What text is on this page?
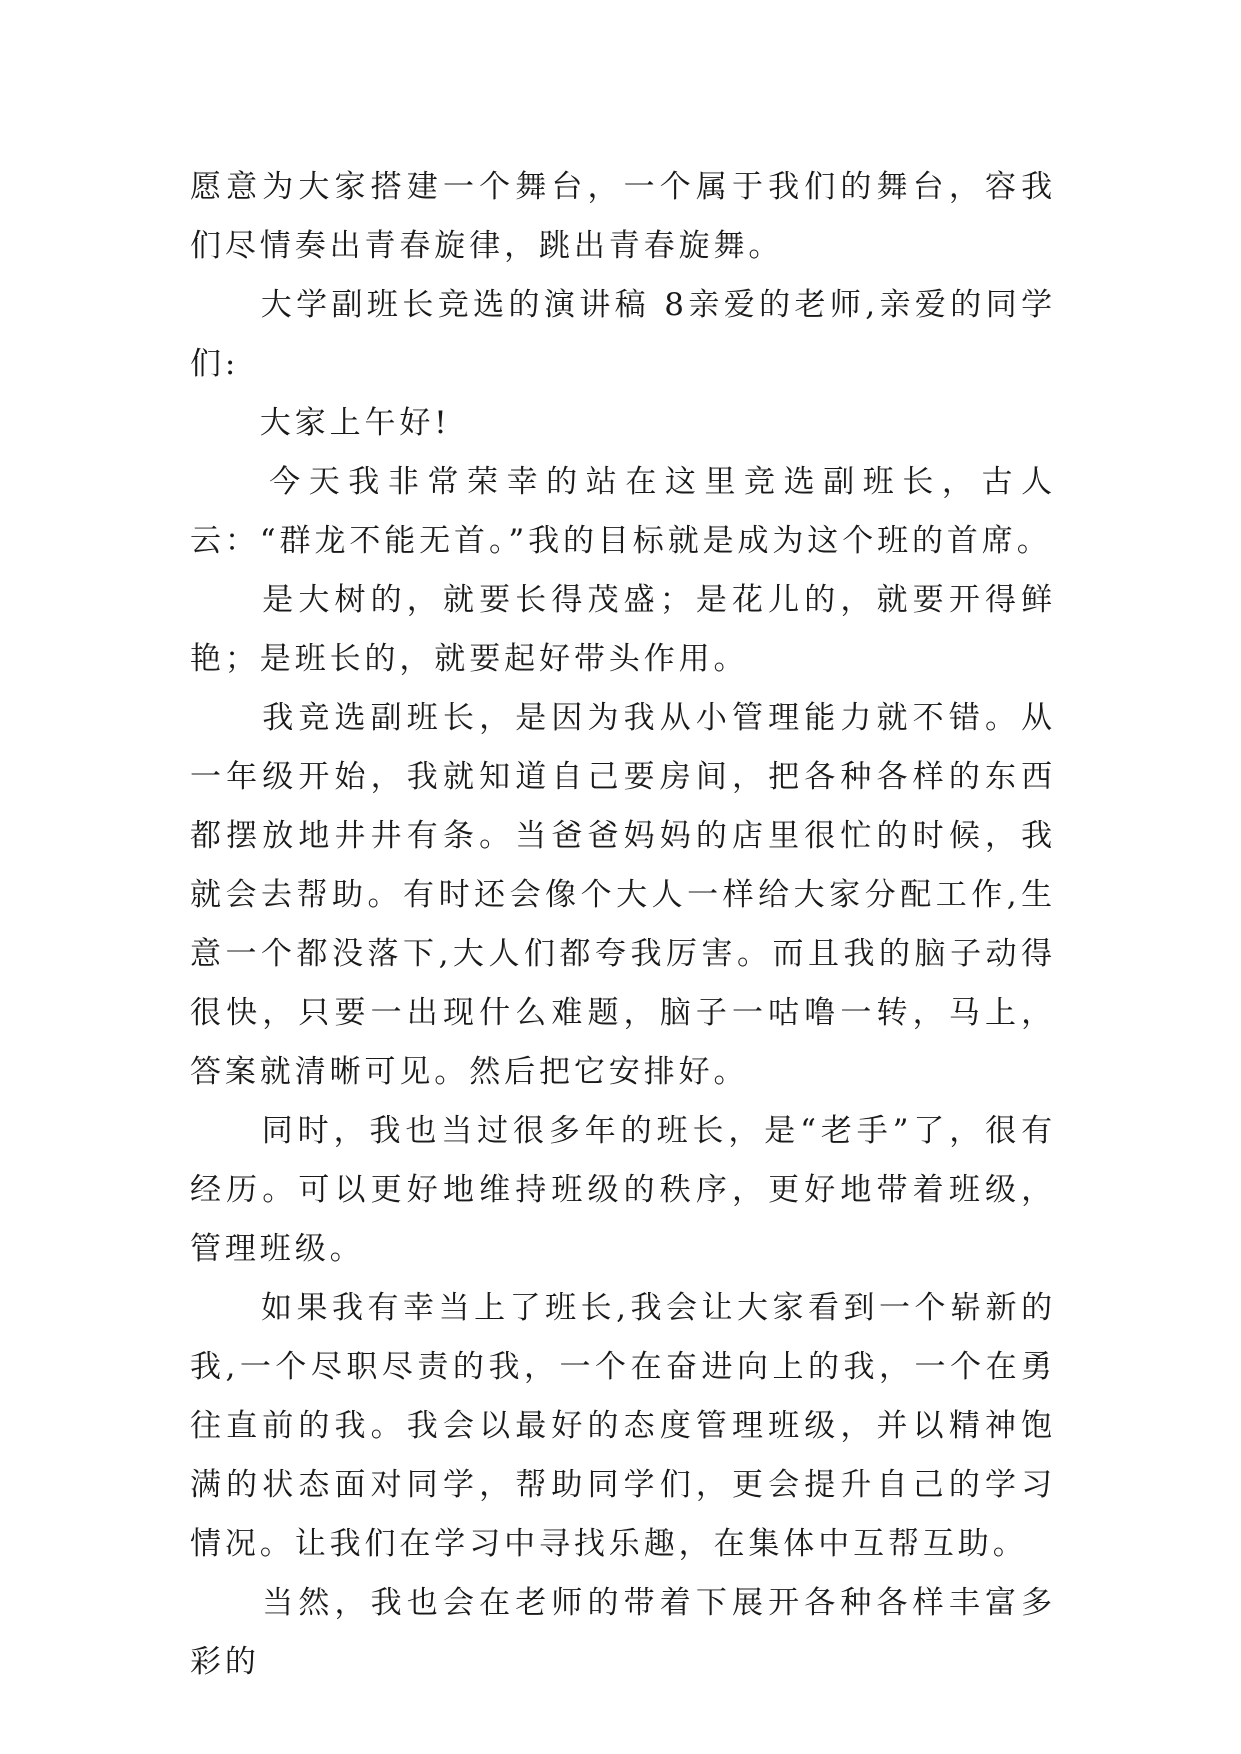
愿意为大家搭建一个舞台，一个属于我们的舞台，容我们尽情奏出青春旋律，跳出青春旋舞。

　　大学副班长竞选的演讲稿 8亲爱的老师,亲爱的同学们:

　　大家上午好!

　　今天我非常荣幸的站在这里竞选副班长，古人云：“群龙不能无首。”我的目标就是成为这个班的首席。

　　是大树的，就要长得茂盛；是花儿的，就要开得鲜艳；是班长的，就要起好带头作用。

　　我竞选副班长，是因为我从小管理能力就不错。从一年级开始，我就知道自己要房间，把各种各样的东西都摆放地井井有条。当爸爸妈妈的店里很忙的时候，我就会去帮助。有时还会像个大人一样给大家分配工作,生意一个都没落下,大人们都夸我厉害。而且我的脑子动得很快，只要一出现什么难题，脑子一咕噜一转，马上，答案就清晰可见。然后把它安排好。

　　同时，我也当过很多年的班长，是“老手”了，很有经历。可以更好地维持班级的秩序，更好地带着班级，管理班级。

　　如果我有幸当上了班长,我会让大家看到一个崭新的我,一个尽职尽责的我，一个在奋进向上的我，一个在勇往直前的我。我会以最好的态度管理班级，并以精神饱满的状态面对同学，帮助同学们，更会提升自己的学习情况。让我们在学习中寻找乐趣，在集体中互帮互助。

　　当然，我也会在老师的带着下展开各种各样丰富多彩的
